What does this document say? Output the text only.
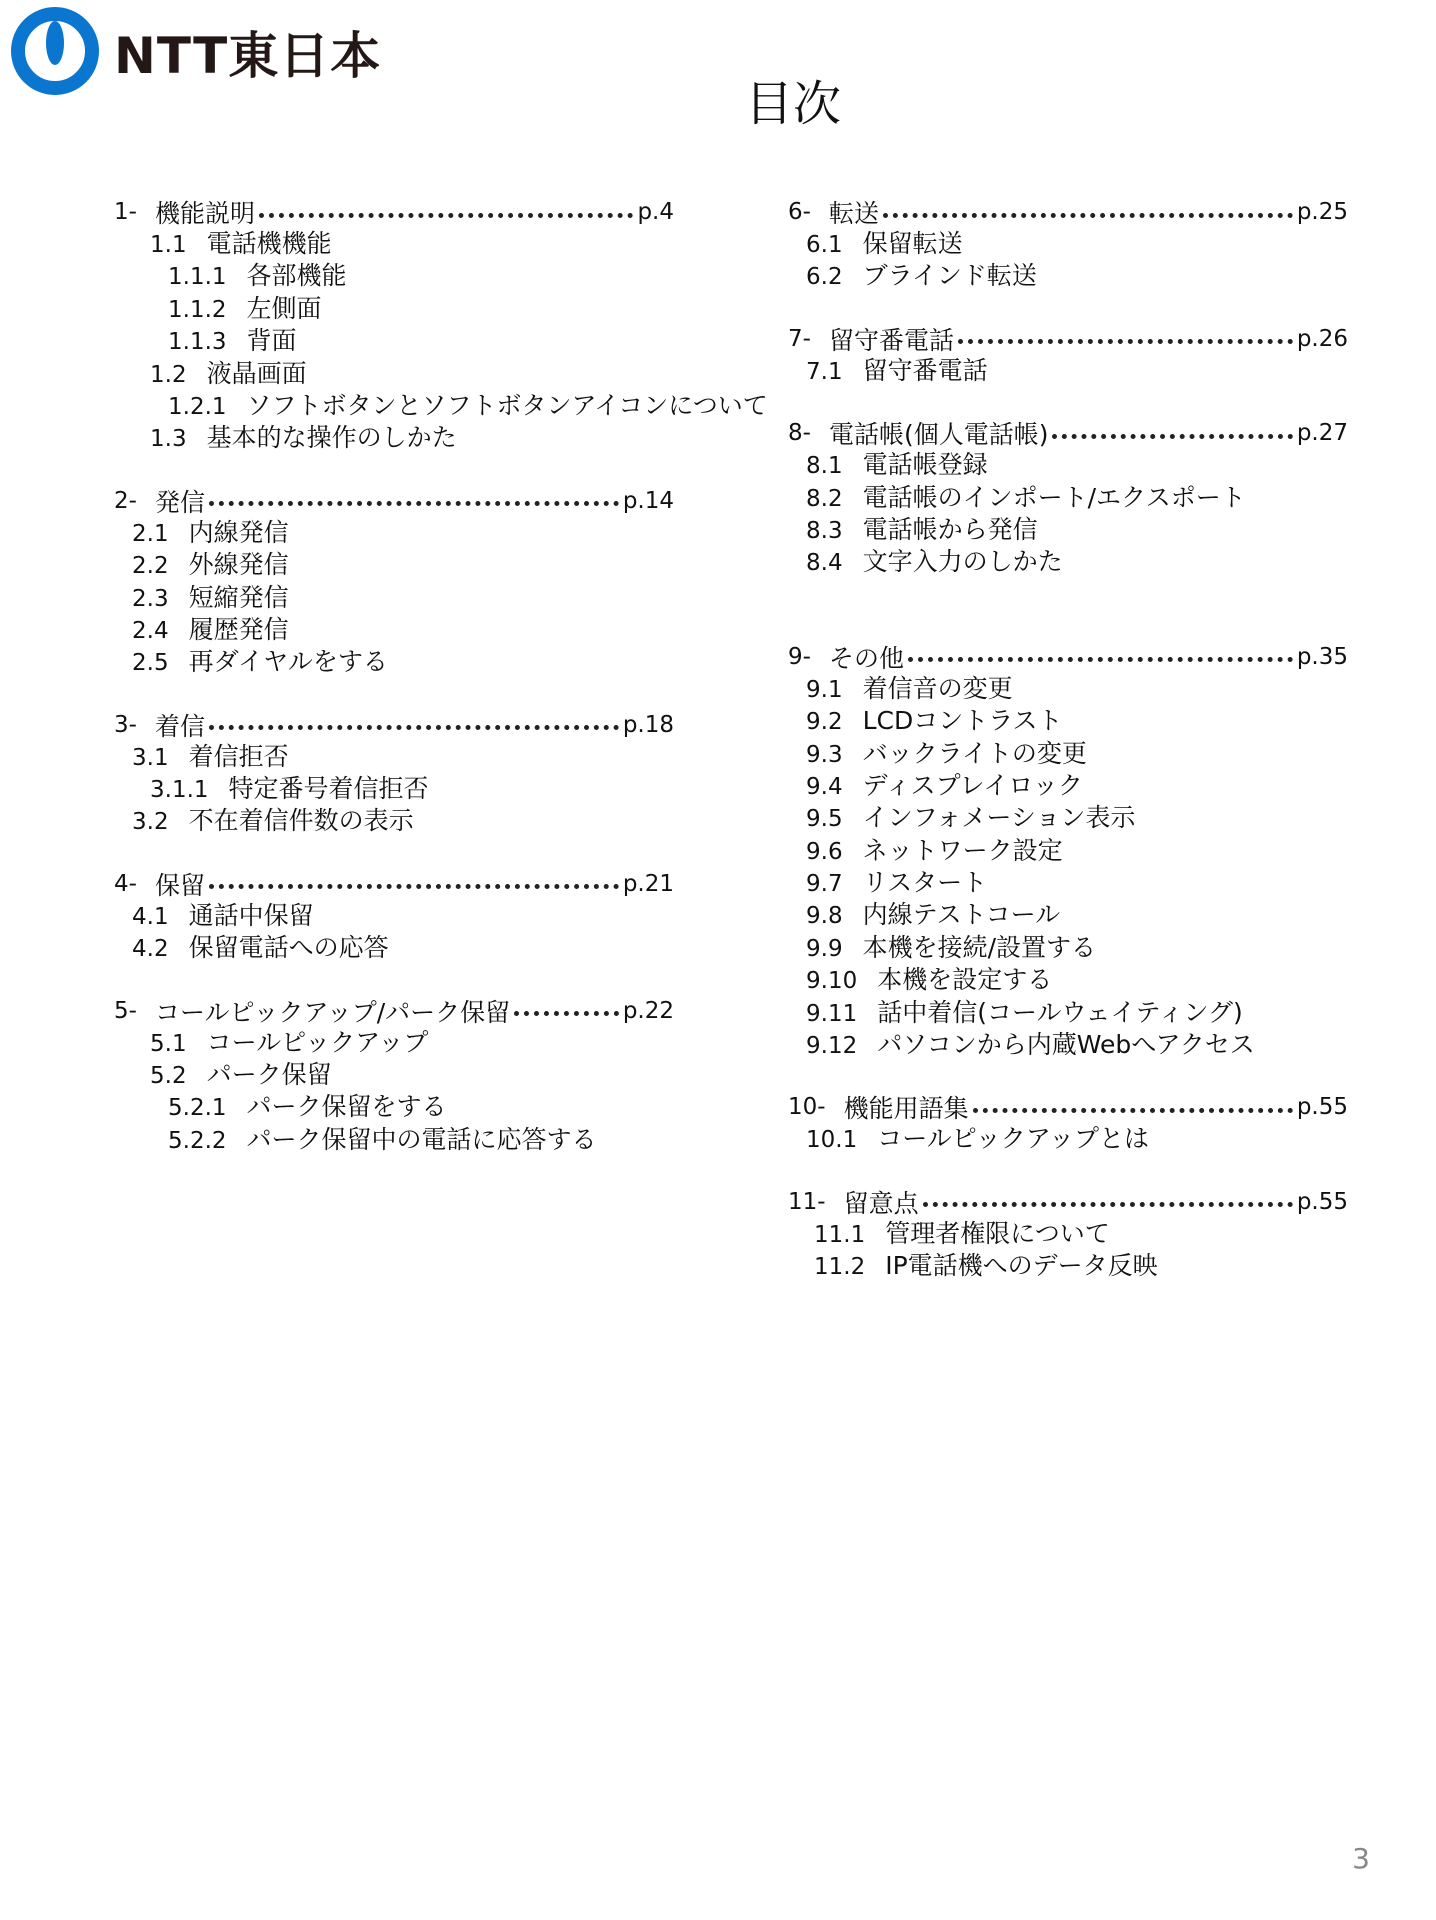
NTT東日本
目次
1- 機能説明	p.4
1.1 電話機機能
1.1.1 各部機能
1.1.2 左側面
1.1.3 背面
1.2 液晶画面
1.2.1 ソフトボタンとソフトボタンアイコンについて
1.3 基本的な操作のしかた
2- 発信	p.14
2.1 内線発信
2.2 外線発信
2.3 短縮発信
2.4 履歴発信
2.5 再ダイヤルをする
3- 着信	p.18
3.1 着信拒否
3.1.1 特定番号着信拒否
3.2 不在着信件数の表示
4- 保留	p.21
4.1 通話中保留
4.2 保留電話への応答
5- コールピックアップ/パーク保留	p.22
5.1 コールピックアップ
5.2 パーク保留
5.2.1 パーク保留をする
5.2.2 パーク保留中の電話に応答する
6- 転送	p.25
6.1 保留転送
6.2 ブラインド転送
7- 留守番電話	p.26
7.1 留守番電話
8- 電話帳(個人電話帳)	p.27
8.1 電話帳登録
8.2 電話帳のインポート/エクスポート
8.3 電話帳から発信
8.4 文字入力のしかた
9- その他	p.35
9.1 着信音の変更
9.2 LCDコントラスト
9.3 バックライトの変更
9.4 ディスプレイロック
9.5 インフォメーション表示
9.6 ネットワーク設定
9.7 リスタート
9.8 内線テストコール
9.9 本機を接続/設置する
9.10 本機を設定する
9.11 話中着信(コールウェイティング)
9.12 パソコンから内蔵Webへアクセス
10- 機能用語集	p.55
10.1 コールピックアップとは
11- 留意点	p.55
11.1 管理者権限について
11.2 IP電話機へのデータ反映
3
